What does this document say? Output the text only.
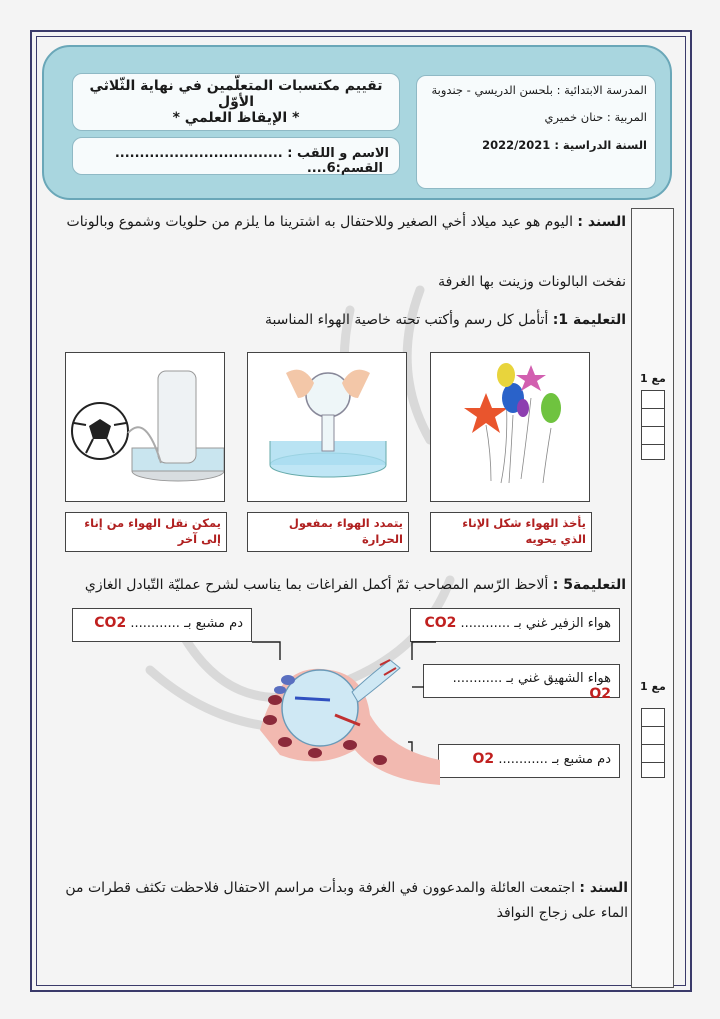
المدرسة الابتدائية : بلحسن الدريسي - جندوبة
المربية : حنان خميري
السنة الدراسية : 2022/2021
تقييم مكتسبات المتعلّمين في نهاية الثّلاثي الأوّل
* الإيقاظ العلمي *
الاسم و اللقب : .................................. القسم:6....
مع 1
مع 1
السند : اليوم هو عيد ميلاد أخي الصغير وللاحتفال به اشترينا ما يلزم من حلويات وشموع وبالونات
نفخت البالونات وزينت بها الغرفة
التعليمة 1: أتأمل كل رسم وأكتب تحته خاصية الهواء المناسبة
يأخذ الهواء شكل الإناء الذي يحويه
يتمدد الهواء بمفعول الحرارة
يمكن نقل الهواء من إناء إلى آخر
التعليمة5 : ألاحظ الرّسم المصاحب ثمّ أكمل الفراغات بما يناسب لشرح عمليّة التّبادل الغازي
هواء الزفير غني بـ ............ CO2
هواء الشهيق غني بـ ............ O2
دم مشبع بـ ............ O2
دم مشبع بـ ............ CO2
السند : اجتمعت العائلة والمدعوون في الغرفة وبدأت مراسم الاحتفال فلاحظت تكثف قطرات من الماء على زجاج النوافذ
